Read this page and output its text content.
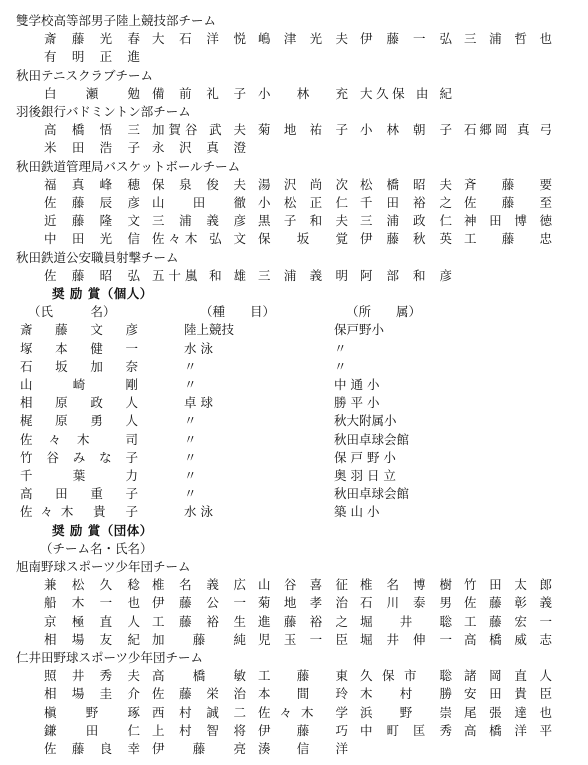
雙学校高等部男子陸上競技部チーム
斎 藤 光 春 大 石 洋 悦 嶋 津 光 夫 伊 藤 一 弘 三 浦 哲 也
有 明 正 進
秋田テニスクラブチーム
白 瀬 勉 備 前 礼 子 小 林 充 大久保 由 紀
羽後銀行バドミントン部チーム
高 橋 悟 三 加賀谷 武 夫 菊 地 祐 子 小 林 朝 子 石郷岡 真 弓
米 田 浩 子 永 沢 真 澄
秋田鉄道管理局バスケットボールチーム
福 真 峰 穂 保 泉 俊 夫 湯 沢 尚 次 松 橋 昭 夫 斉 藤 要
佐 藤 辰 彦 山 田 徹 小 松 正 仁 千 田 裕 之 佐 藤 至
近 藤 隆 文 三 浦 義 彦 黒 子 和 夫 三 浦 政 仁 神 田 博 徳
中 田 光 信 佐々木 弘 文 保 坂 覚 伊 藤 秋 英 工 藤 忠
秋田鉄道公安職員射撃チーム
佐 藤 昭 弘 五十嵐 和 雄 三 浦 義 明 阿 部 和 彦
奨 励 賞（個人）
（氏　　　名）	（種　　目）	（所　　属）
斎 藤 文 彦	陸上競技	保戸野小
塚 本 健 一	水 泳	〃
石 坂 加 奈	〃	〃
山 崎 剛	〃	中 通 小
相 原 政 人	卓 球	勝 平 小
梶 原 勇 人	〃	秋大附属小
佐々木 司	〃	秋田卓球会館
竹 谷 み な 子	〃	保 戸 野 小
千 葉 力	〃	奥 羽 日 立
高 田 重 子	〃	秋田卓球会館
佐々木 貴 子	水 泳	築 山 小
奨 励 賞（団体）
（チーム名・氏名）
旭南野球スポーツ少年団チーム
兼 松 久 稔 椎 名 義 広 山 谷 喜 征 椎 名 博 樹 竹 田 太 郎
船 木 一 也 伊 藤 公 一 菊 地 孝 治 石 川 泰 男 佐 藤 彰 義
京 極 直 人 工 藤 裕 生 進 藤 裕 之 堀 井 聡 工 藤 宏 一
相 場 友 紀 加 藤 純 児 玉 一 臣 堀 井 伸 一 高 橋 威 志
仁井田野球スポーツ少年団チーム
照 井 秀 夫 高 橋 敏 工 藤 東 久保市 聡 諸 岡 直 人
相 場 圭 介 佐 藤 栄 治 本 間 玲 木 村 勝 安 田 貴 臣
槇 野 琢 西 村 誠 二 佐々木 学 浜 野 崇 尾 張 達 也
鎌 田 仁 上 村 智 将 伊 藤 巧 中 町 匡 秀 高 橋 洋 平
佐 藤 良 幸 伊 藤 亮 湊 信 洋
